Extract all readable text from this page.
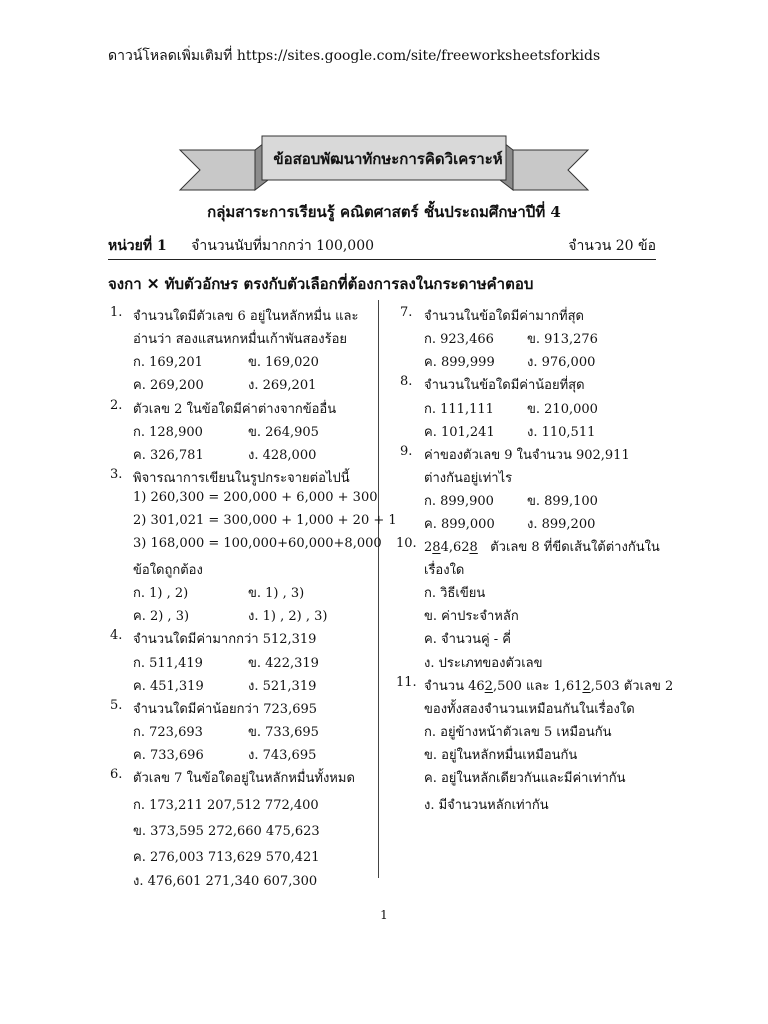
ดาวน์โหลดเพิ่มเติมที่ https://sites.google.com/site/freeworksheetsforkids
ข้อสอบพัฒนาทักษะการคิดวิเคราะห์
กลุ่มสาระการเรียนรู้ คณิตศาสตร์ ชั้นประถมศึกษาปีที่ 4
หน่วยที่ 1 จำนวนนับที่มากกว่า 100,000	จำนวน 20 ข้อ
จงกา ✕ ทับตัวอักษร ตรงกับตัวเลือกที่ต้องการลงในกระดาษคำตอบ
1. จำนวนใดมีตัวเลข 6 อยู่ในหลักหมื่น และ
อ่านว่า สองแสนหกหมื่นเก้าพันสองร้อย
ก. 169,201	ข. 169,020
ค. 269,200	ง. 269,201
2. ตัวเลข 2 ในข้อใดมีค่าต่างจากข้ออื่น
ก. 128,900	ข. 264,905
ค. 326,781	ง. 428,000
3. พิจารณาการเขียนในรูปกระจายต่อไปนี้
1) 260,300 = 200,000 + 6,000 + 300
2) 301,021 = 300,000 + 1,000 + 20 + 1
3) 168,000 = 100,000+60,000+8,000
ข้อใดถูกต้อง
ก. 1) , 2)	ข. 1) , 3)
ค. 2) , 3)	ง. 1) , 2) , 3)
4. จำนวนใดมีค่ามากกว่า 512,319
ก. 511,419	ข. 422,319
ค. 451,319	ง. 521,319
5. จำนวนใดมีค่าน้อยกว่า 723,695
ก. 723,693	ข. 733,695
ค. 733,696	ง. 743,695
6. ตัวเลข 7 ในข้อใดอยู่ในหลักหมื่นทั้งหมด
ก. 173,211 207,512 772,400
ข. 373,595 272,660 475,623
ค. 276,003 713,629 570,421
ง. 476,601 271,340 607,300
7. จำนวนในข้อใดมีค่ามากที่สุด
ก. 923,466	ข. 913,276
ค. 899,999 ง. 976,000
8. จำนวนในข้อใดมีค่าน้อยที่สุด
ก. 111,111	ข. 210,000
ค. 101,241 ง. 110,511
9. ค่าของตัวเลข 9 ในจำนวน 902,911
ต่างกันอยู่เท่าไร
ก. 899,900	ข. 899,100
ค. 899,000 ง. 899,200
10. 284,628 ตัวเลข 8 ที่ขีดเส้นใต้ต่างกันใน
เรื่องใด
ก. วิธีเขียน
ข. ค่าประจำหลัก
ค. จำนวนคู่ - คี่
ง. ประเภทของตัวเลข
11. จำนวน 462,500 และ 1,612,503 ตัวเลข 2
ของทั้งสองจำนวนเหมือนกันในเรื่องใด
ก. อยู่ข้างหน้าตัวเลข 5 เหมือนกัน
ข. อยู่ในหลักหมื่นเหมือนกัน
ค. อยู่ในหลักเดียวกันและมีค่าเท่ากัน
ง. มีจำนวนหลักเท่ากัน
1
